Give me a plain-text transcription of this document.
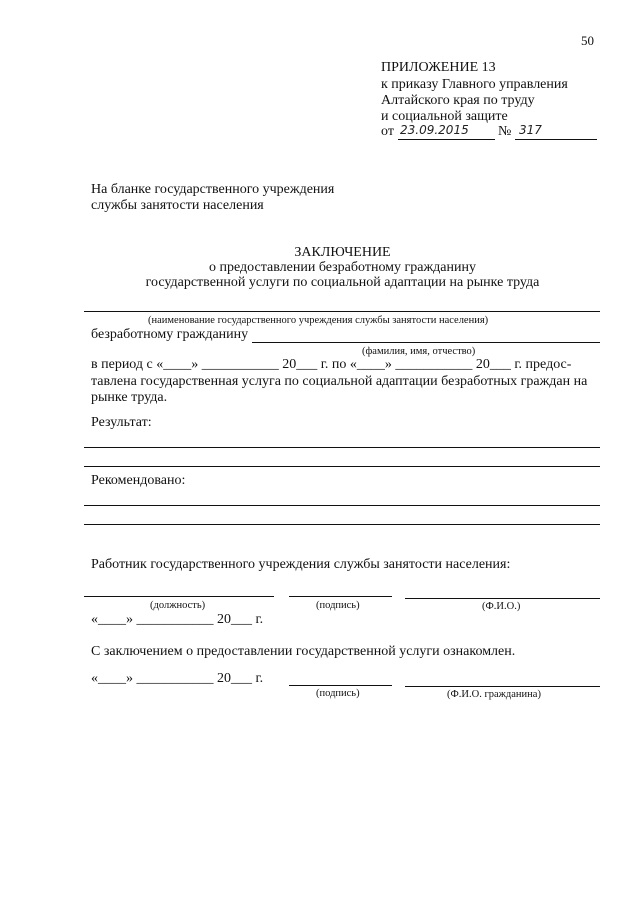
50
ПРИЛОЖЕНИЕ 13
к приказу Главного управления
Алтайского края по труду
и социальной защите
от 23.09.2015 № 317
На бланке государственного учреждения
службы занятости населения
ЗАКЛЮЧЕНИЕ
о предоставлении безработному гражданину
государственной услуги по социальной адаптации на рынке труда
(наименование государственного учреждения службы занятости населения)
безработному гражданину
(фамилия, имя, отчество)
в период с «____» ___________ 20___ г. по «____» ___________ 20___ г. предос-
тавлена государственная услуга по социальной адаптации безработных граждан на
рынке труда.
Результат:
Рекомендовано:
Работник государственного учреждения службы занятости населения:
(должность)	(подпись)	(Ф.И.О.)
«____» ___________ 20___ г.
С заключением о предоставлении государственной услуги ознакомлен.
«____» ___________ 20___ г.
(подпись)	(Ф.И.О. гражданина)
